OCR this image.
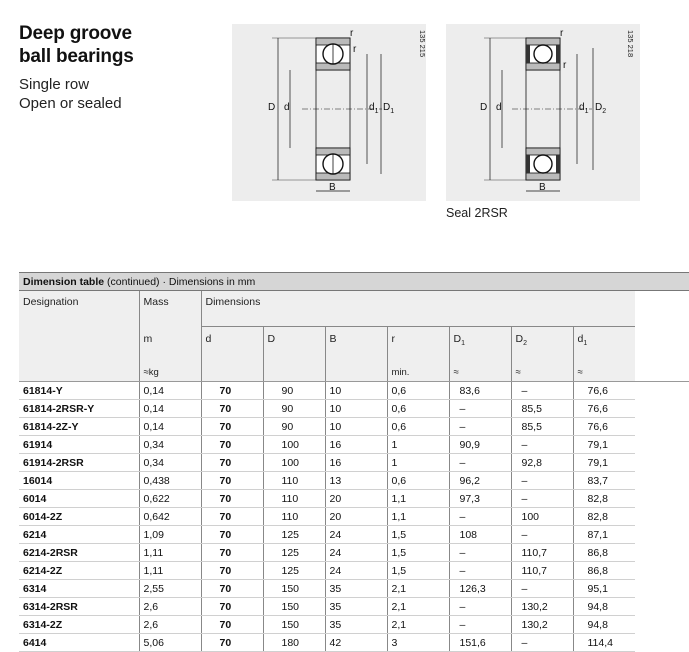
Deep groove
ball bearings
Single row
Open or sealed
r
r
D d	$d_1$ $D_1$
B
135 215	r
r
D d	$d_1$ $D_2$
B
135 218
Seal 2RSR
Dimension table (continued) · Dimensions in mm									
Designation	Mass	Dimensions							
	m	d	D	B	r	$D_1$	$D_2$	$d_1$	
	≈kg				min.	≈	≈	≈	
61814-Y	0,14	70	90	10	0,6	83,6	–	76,6	
61814-2RSR-Y	0,14	70	90	10	0,6	–	85,5	76,6	
61814-2Z-Y	0,14	70	90	10	0,6	–	85,5	76,6	
61914	0,34	70	100	16	1	90,9	–	79,1	
61914-2RSR	0,34	70	100	16	1	–	92,8	79,1	
16014	0,438	70	110	13	0,6	96,2	–	83,7	
6014	0,622	70	110	20	1,1	97,3	–	82,8	
6014-2Z	0,642	70	110	20	1,1	–	100	82,8	
6214	1,09	70	125	24	1,5	108	–	87,1	
6214-2RSR	1,11	70	125	24	1,5	–	110,7	86,8	
6214-2Z	1,11	70	125	24	1,5	–	110,7	86,8	
6314	2,55	70	150	35	2,1	126,3	–	95,1	
6314-2RSR	2,6	70	150	35	2,1	–	130,2	94,8	
6314-2Z	2,6	70	150	35	2,1	–	130,2	94,8	
6414	5,06	70	180	42	3	151,6	–	114,4	
